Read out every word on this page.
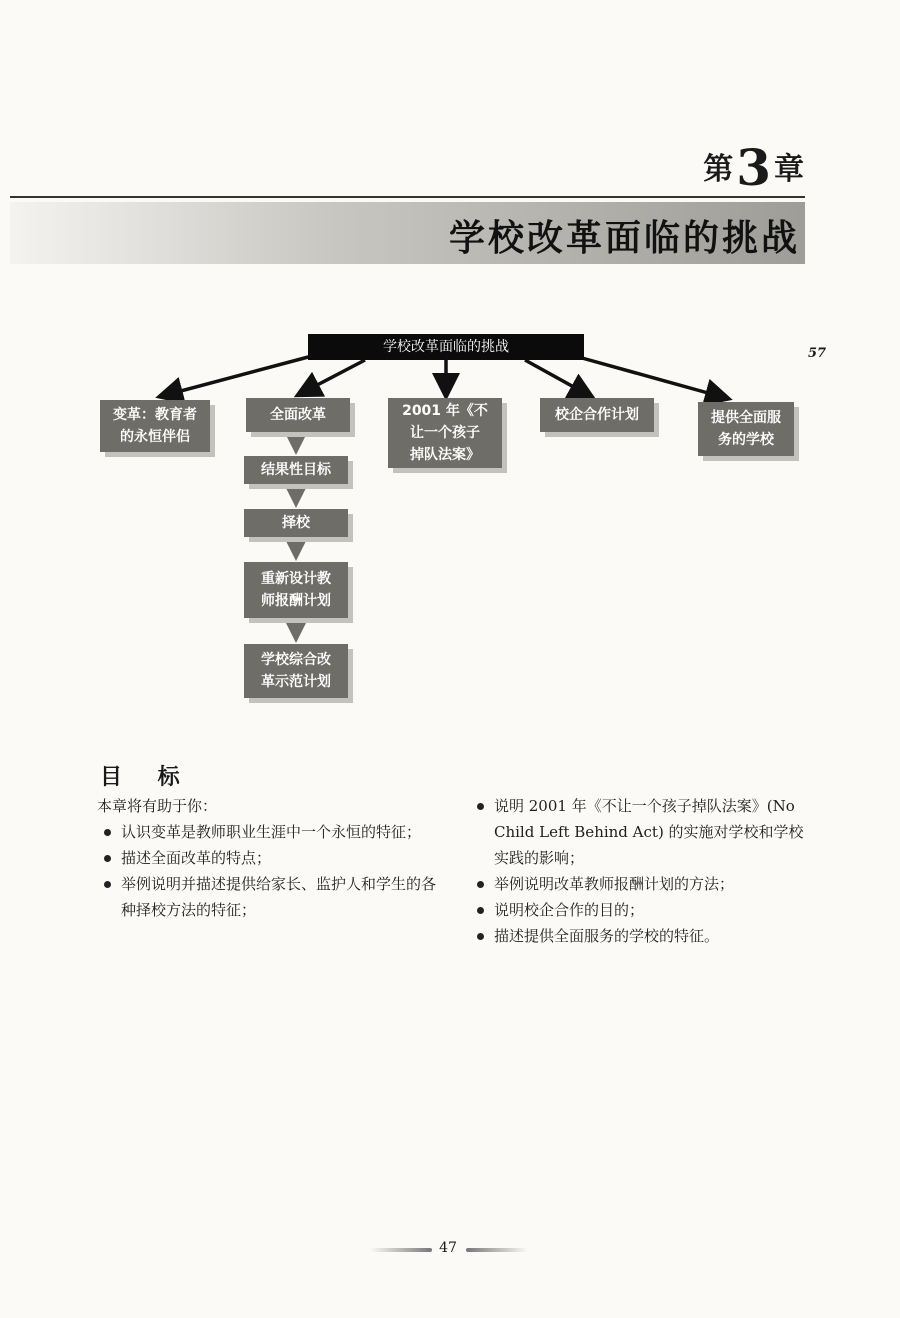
第3章
学校改革面临的挑战
57
学校改革面临的挑战
变革：教育者
的永恒伴侣
全面改革	2001 年《不
让一个孩子
掉队法案》
校企合作计划	提供全面服
务的学校
结果性目标
择校
重新设计教
师报酬计划
学校综合改
革示范计划
目 标
本章将有助于你：
认识变革是教师职业生涯中一个永恒的特征；
描述全面改革的特点；
举例说明并描述提供给家长、监护人和学生的各种择校方法的特征；
说明 2001 年《不让一个孩子掉队法案》(No Child Left Behind Act) 的实施对学校和学校实践的影响；
举例说明改革教师报酬计划的方法；
说明校企合作的目的；
描述提供全面服务的学校的特征。
47
